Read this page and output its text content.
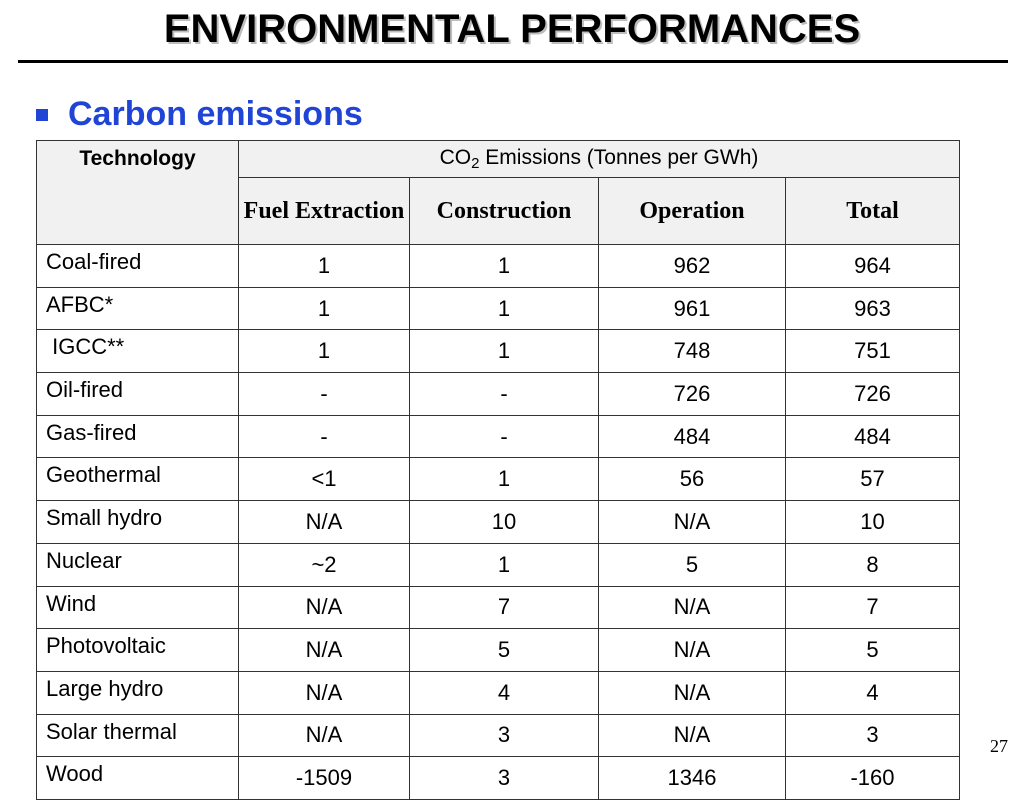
ENVIRONMENTAL PERFORMANCES
Carbon emissions
Technology	$CO_2$ Emissions (Tonnes per GWh)			
	Fuel Extraction	Construction	Operation	Total
Coal-fired	1	1	962	964
AFBC*	1	1	961	963
IGCC**	1	1	748	751
Oil-fired	-	-	726	726
Gas-fired	-	-	484	484
Geothermal	<1	1	56	57
Small hydro	N/A	10	N/A	10
Nuclear	~2	1	5	8
Wind	N/A	7	N/A	7
Photovoltaic	N/A	5	N/A	5
Large hydro	N/A	4	N/A	4
Solar thermal	N/A	3	N/A	3
Wood	-1509	3	1346	-160
27
